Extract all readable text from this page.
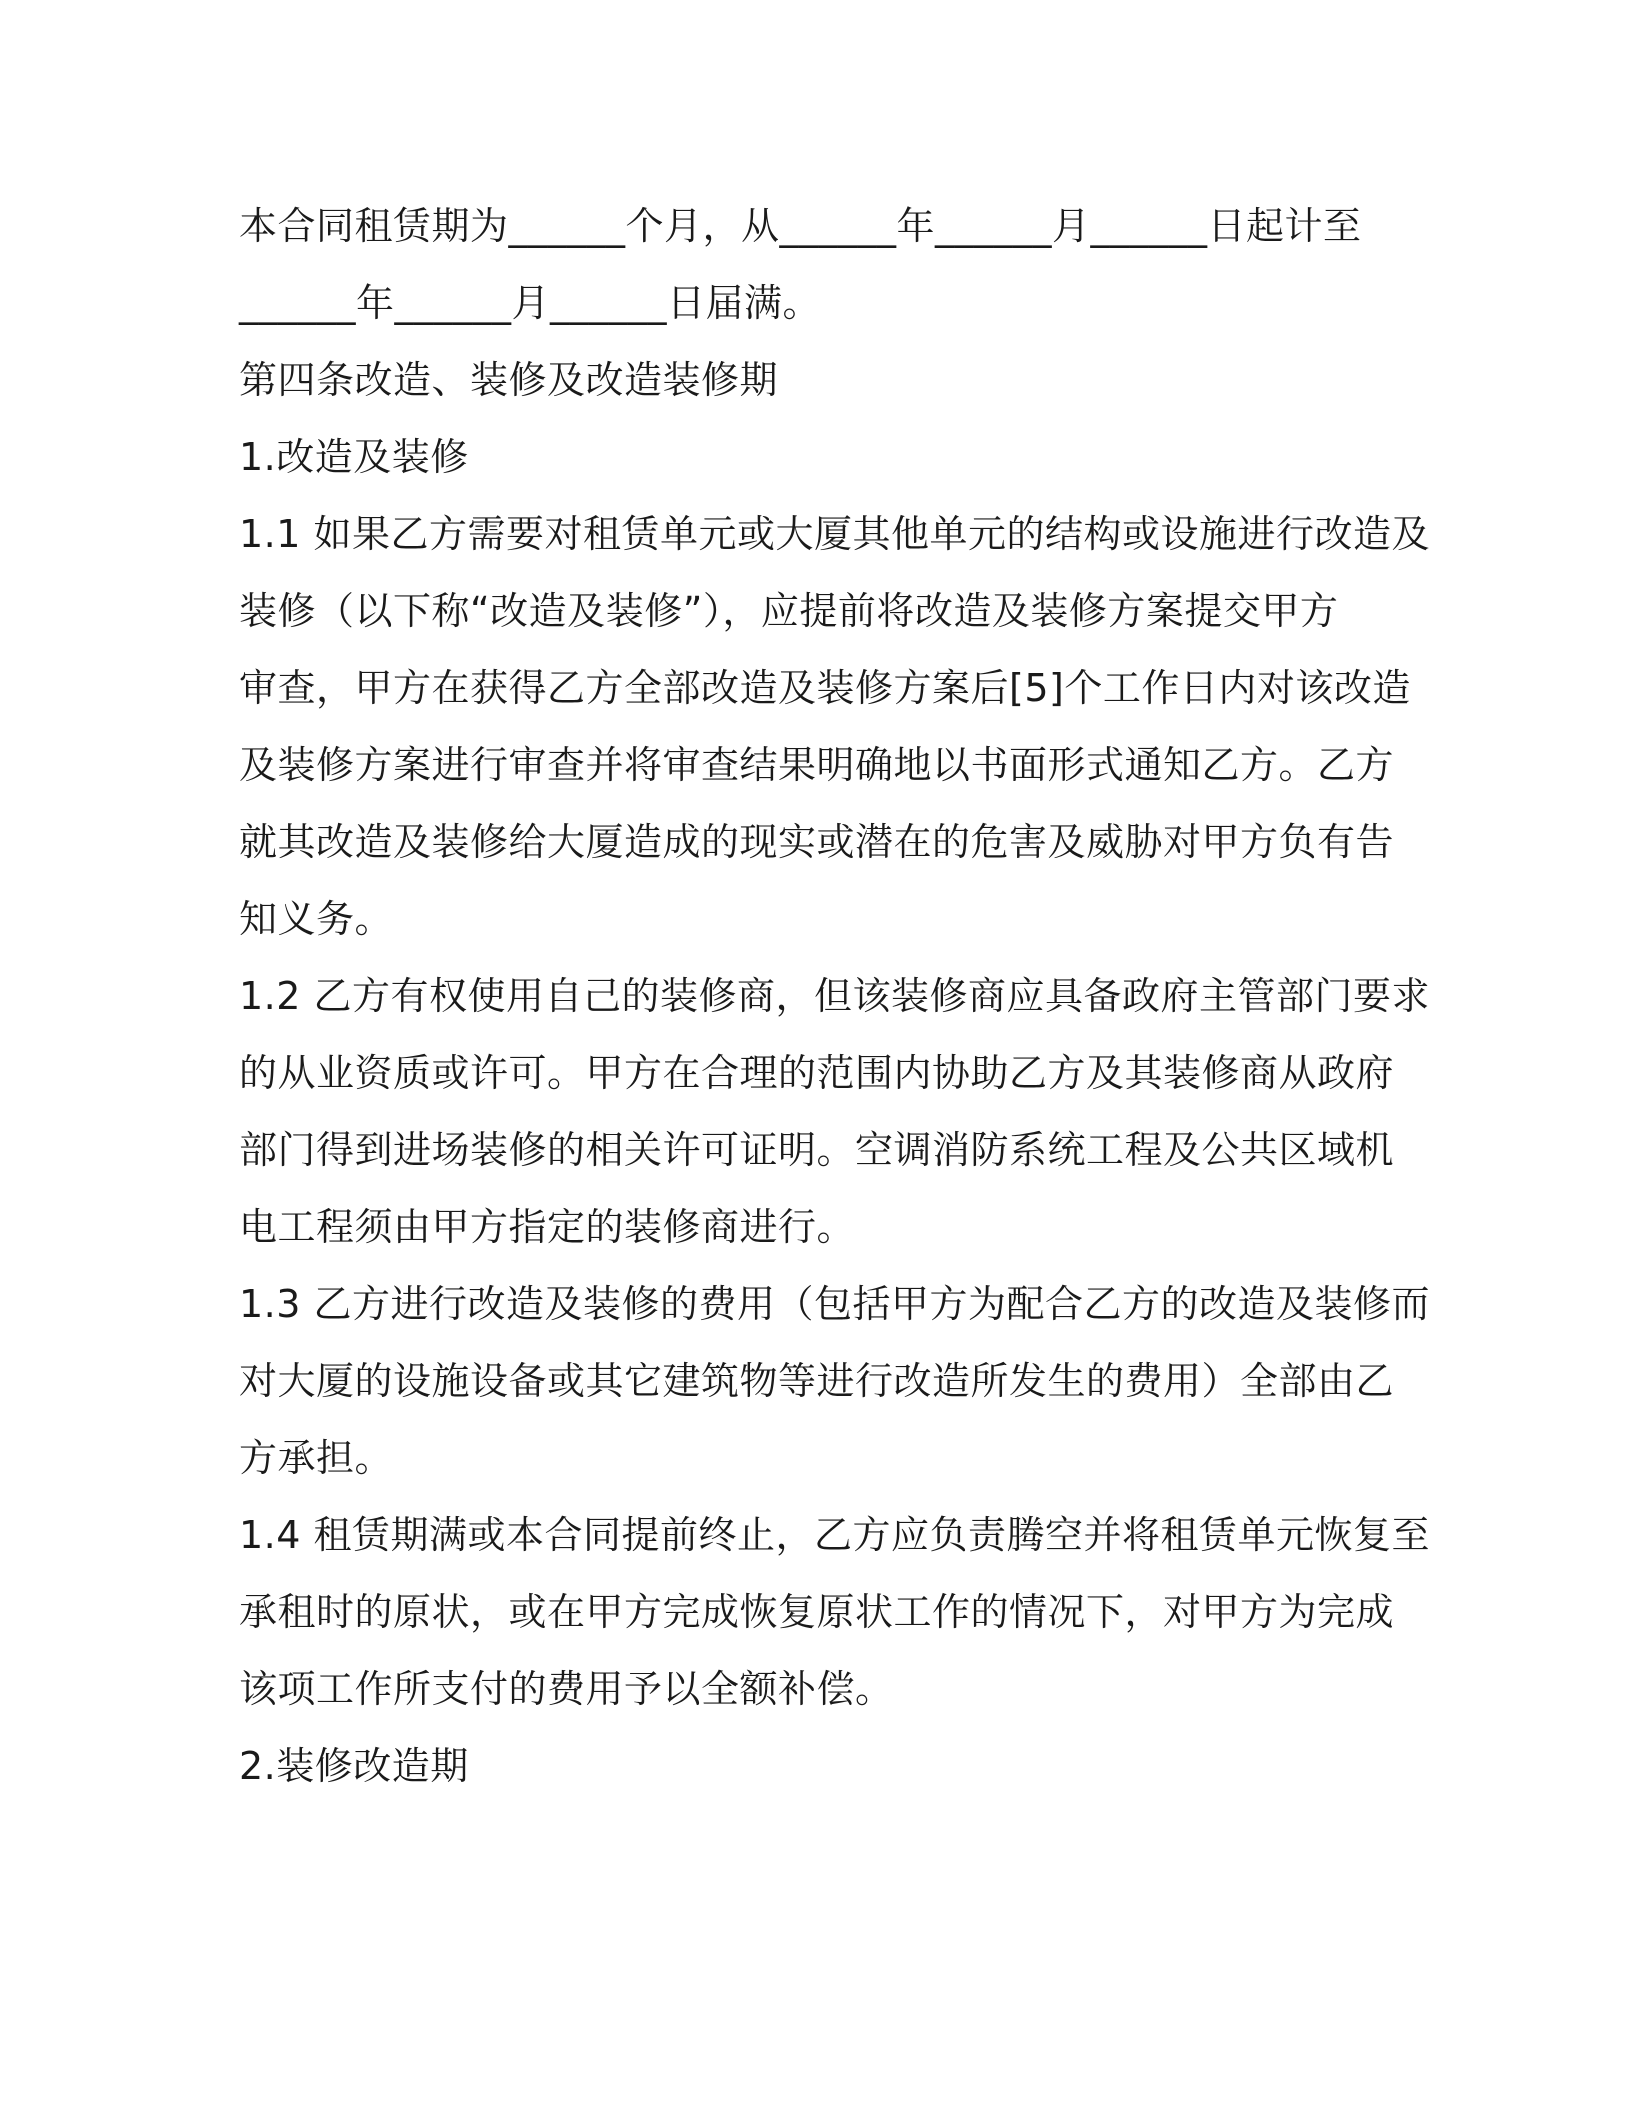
本合同租赁期为______个月，从______年______月______日起计至
______年______月______日届满。
第四条改造、装修及改造装修期
1.改造及装修
1.1 如果乙方需要对租赁单元或大厦其他单元的结构或设施进行改造及
装修（以下称“改造及装修”），应提前将改造及装修方案提交甲方
审查，甲方在获得乙方全部改造及装修方案后[5]个工作日内对该改造
及装修方案进行审查并将审查结果明确地以书面形式通知乙方。乙方
就其改造及装修给大厦造成的现实或潜在的危害及威胁对甲方负有告
知义务。
1.2 乙方有权使用自己的装修商，但该装修商应具备政府主管部门要求
的从业资质或许可。甲方在合理的范围内协助乙方及其装修商从政府
部门得到进场装修的相关许可证明。空调消防系统工程及公共区域机
电工程须由甲方指定的装修商进行。
1.3 乙方进行改造及装修的费用（包括甲方为配合乙方的改造及装修而
对大厦的设施设备或其它建筑物等进行改造所发生的费用）全部由乙
方承担。
1.4 租赁期满或本合同提前终止，乙方应负责腾空并将租赁单元恢复至
承租时的原状，或在甲方完成恢复原状工作的情况下，对甲方为完成
该项工作所支付的费用予以全额补偿。
2.装修改造期
